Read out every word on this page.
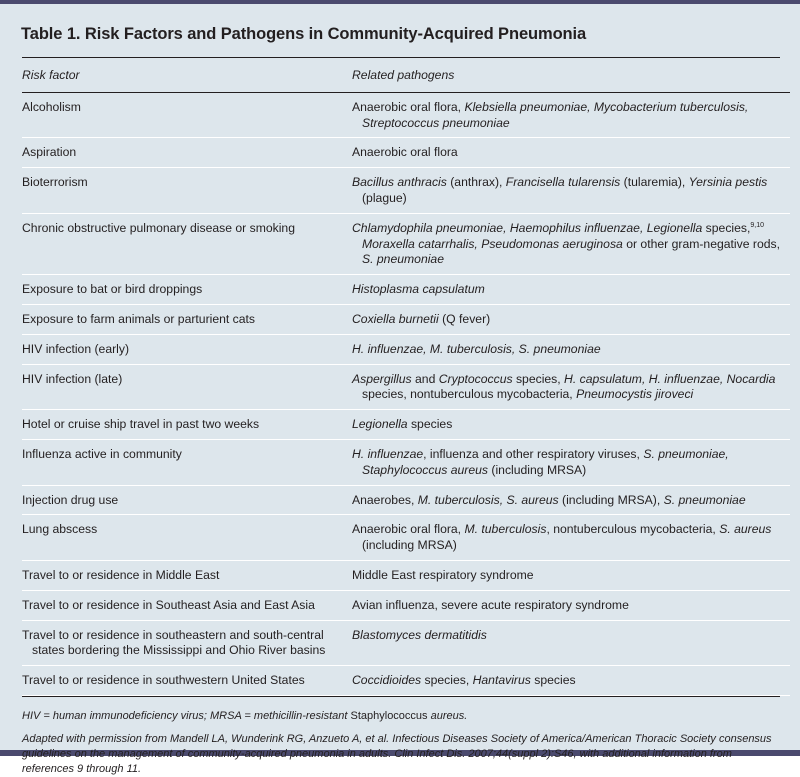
Table 1. Risk Factors and Pathogens in Community-Acquired Pneumonia
Risk factor	Related pathogens
Alcoholism	Anaerobic oral flora, Klebsiella pneumoniae, Mycobacterium tuberculosis, Streptococcus pneumoniae
Aspiration	Anaerobic oral flora
Bioterrorism	Bacillus anthracis (anthrax), Francisella tularensis (tularemia), Yersinia pestis (plague)
Chronic obstructive pulmonary disease or smoking	Chlamydophila pneumoniae, Haemophilus influenzae, Legionella species,$^{9,10}$ Moraxella catarrhalis, Pseudomonas aeruginosa or other gram-negative rods, S. pneumoniae
Exposure to bat or bird droppings	Histoplasma capsulatum
Exposure to farm animals or parturient cats	Coxiella burnetii (Q fever)
HIV infection (early)	H. influenzae, M. tuberculosis, S. pneumoniae
HIV infection (late)	Aspergillus and Cryptococcus species, H. capsulatum, H. influenzae, Nocardia species, nontuberculous mycobacteria, Pneumocystis jiroveci
Hotel or cruise ship travel in past two weeks	Legionella species
Influenza active in community	H. influenzae, influenza and other respiratory viruses, S. pneumoniae, Staphylococcus aureus (including MRSA)
Injection drug use	Anaerobes, M. tuberculosis, S. aureus (including MRSA), S. pneumoniae
Lung abscess	Anaerobic oral flora, M. tuberculosis, nontuberculous mycobacteria, S. aureus (including MRSA)
Travel to or residence in Middle East	Middle East respiratory syndrome
Travel to or residence in Southeast Asia and East Asia	Avian influenza, severe acute respiratory syndrome
Travel to or residence in southeastern and south-central states bordering the Mississippi and Ohio River basins	Blastomyces dermatitidis
Travel to or residence in southwestern United States	Coccidioides species, Hantavirus species

HIV = human immunodeficiency virus; MRSA = methicillin-resistant Staphylococcus aureus.

Adapted with permission from Mandell LA, Wunderink RG, Anzueto A, et al. Infectious Diseases Society of America/American Thoracic Society consensus guidelines on the management of community-acquired pneumonia in adults. Clin Infect Dis. 2007;44(suppl 2):S46, with additional information from references 9 through 11.
